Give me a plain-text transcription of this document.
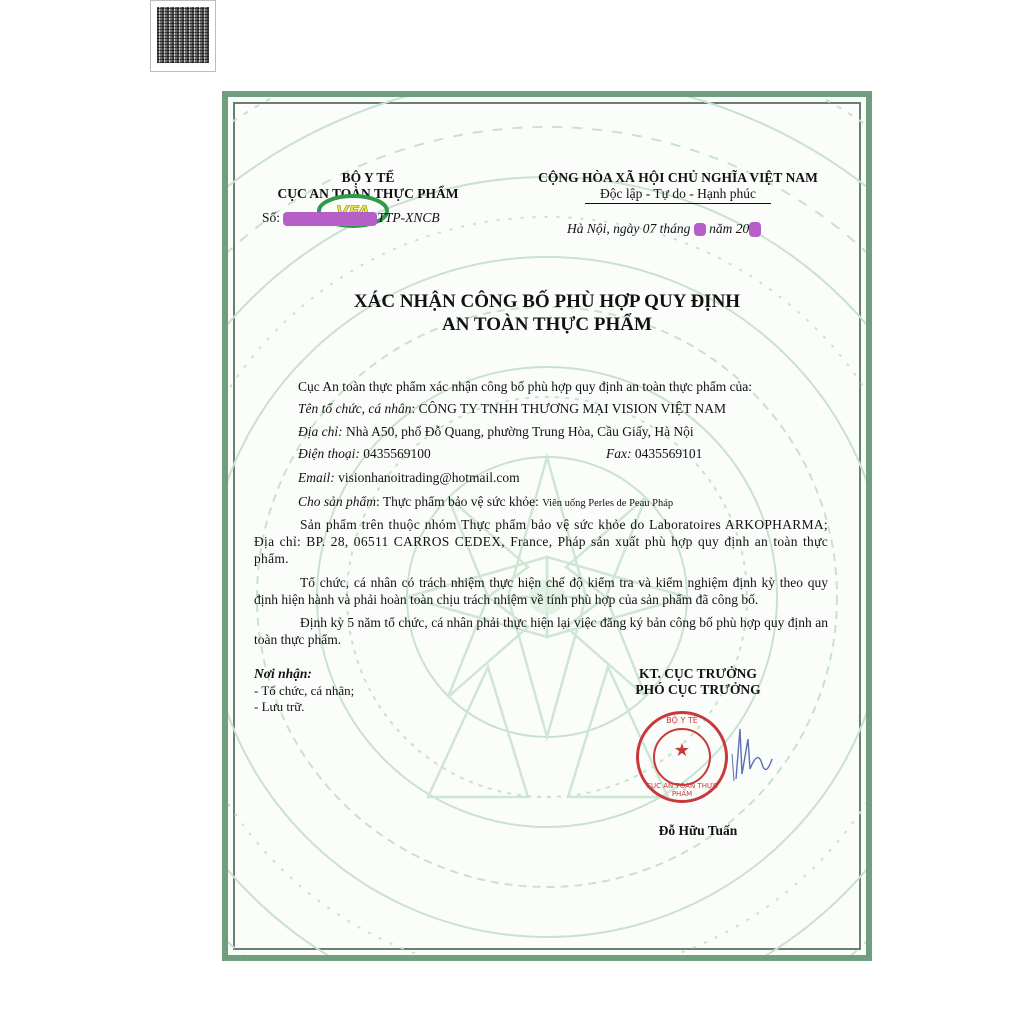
BỘ Y TẾ
CỤC AN TOÀN THỰC PHẨM
Số:	TTP-XNCB
CỘNG HÒA XÃ HỘI CHỦ NGHĨA VIỆT NAM
Độc lập - Tự do - Hạnh phúc
Hà Nội, ngày 07 tháng năm 20
XÁC NHẬN CÔNG BỐ PHÙ HỢP QUY ĐỊNH
AN TOÀN THỰC PHẨM
Cục An toàn thực phẩm xác nhận công bố phù hợp quy định an toàn thực phẩm của:
Tên tổ chức, cá nhân: CÔNG TY TNHH THƯƠNG MẠI VISION VIỆT NAM
Địa chỉ: Nhà A50, phố Đỗ Quang, phường Trung Hòa, Cầu Giấy, Hà Nội
Điện thoại: 0435569100	Fax: 0435569101
Email: visionhanoitrading@hotmail.com
Cho sản phẩm: Thực phẩm bảo vệ sức khỏe: Viên uống Perles de Peau Pháp
Sản phẩm trên thuộc nhóm Thực phẩm bảo vệ sức khỏe do Laboratoires ARKOPHARMA; Địa chỉ: BP. 28, 06511 CARROS CEDEX, France, Pháp sản xuất phù hợp quy định an toàn thực phẩm.
Tổ chức, cá nhân có trách nhiệm thực hiện chế độ kiểm tra và kiểm nghiệm định kỳ theo quy định hiện hành và phải hoàn toàn chịu trách nhiệm về tính phù hợp của sản phẩm đã công bố.
Định kỳ 5 năm tổ chức, cá nhân phải thực hiện lại việc đăng ký bản công bố phù hợp quy định an toàn thực phẩm.
Nơi nhận:
- Tổ chức, cá nhân;
- Lưu trữ.
KT. CỤC TRƯỞNG
PHÓ CỤC TRƯỞNG
BỘ Y TẾ
★
CỤC AN TOÀN THỰC PHẨM
Đỗ Hữu Tuấn
